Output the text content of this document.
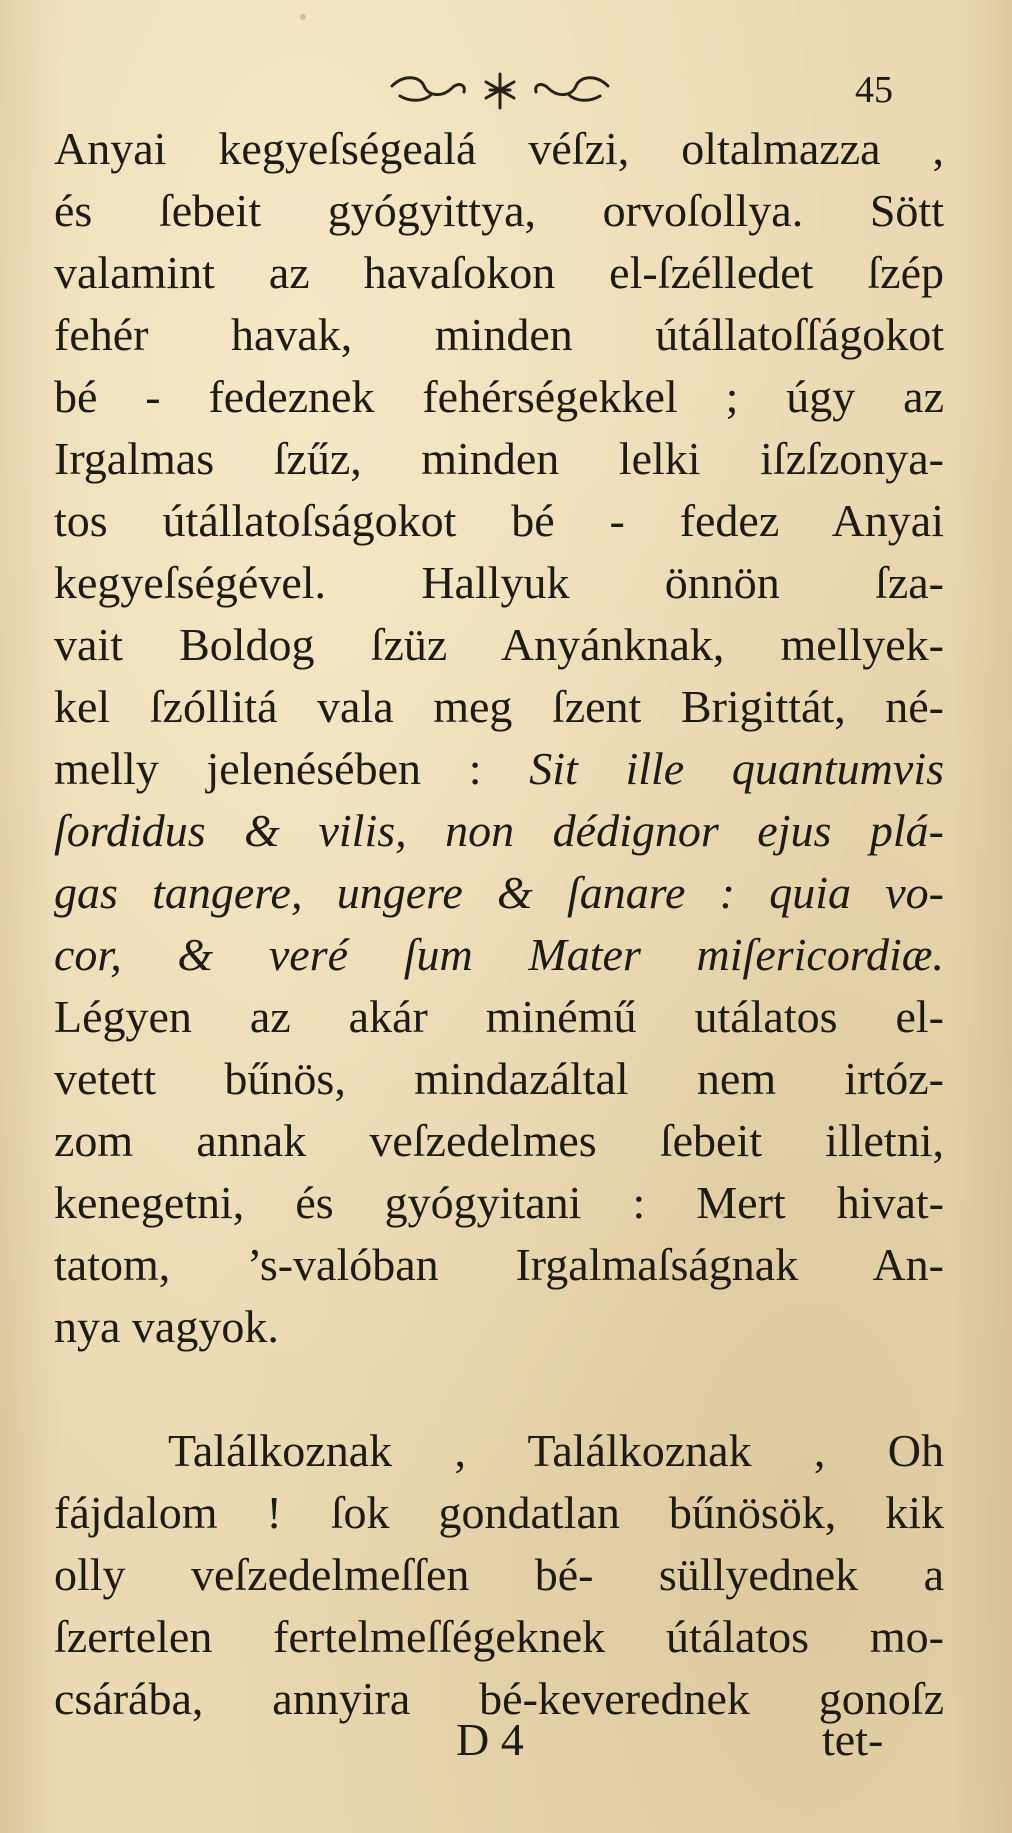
45
Anyai kegyeſségealá véſzi, oltalmazza ,
és ſebeit gyógyittya, orvoſollya. Sött
valamint az havaſokon el-ſzélledet ſzép
fehér havak, minden útállatoſſágokot
bé - fedeznek fehérségekkel ; úgy az
Irgalmas ſzűz, minden lelki iſzſzonya-
tos útállatoſságokot bé - fedez Anyai
kegyeſségével. Hallyuk önnön ſza-
vait Boldog ſzüz Anyánknak, mellyek-
kel ſzóllitá vala meg ſzent Brigittát, né-
melly jelenésében : Sit ille quantumvis
ſordidus & vilis, non dédignor ejus plá-
gas tangere, ungere & ſanare : quia vo-
cor, & veré ſum Mater miſericordiæ.
Légyen az akár minémű utálatos el-
vetett bűnös, mindazáltal nem irtóz-
zom annak veſzedelmes ſebeit illetni,
kenegetni, és gyógyitani : Mert hivat-
tatom, ’s-valóban Irgalmaſságnak An-
nya vagyok.
Találkoznak , Találkoznak , Oh
fájdalom ! ſok gondatlan bűnösök, kik
olly veſzedelmeſſen bé- süllyednek a
ſzertelen fertelmeſſégeknek útálatos mo-
csárába, annyira bé-keverednek gonoſz
D 4	tet-
